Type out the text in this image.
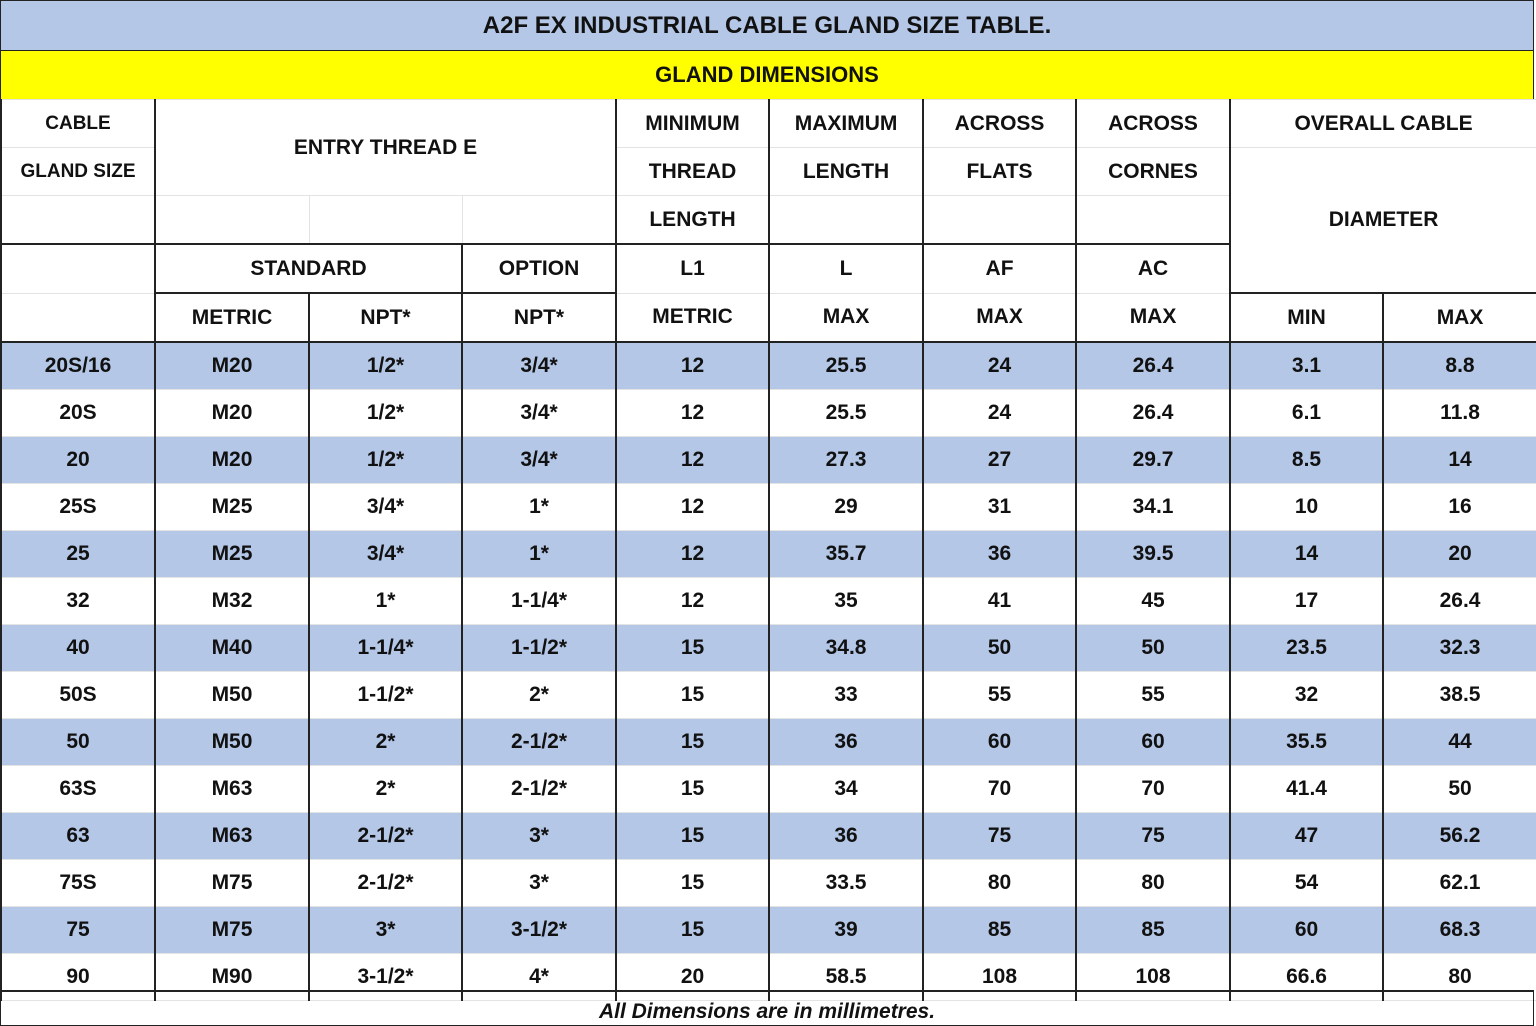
A2F EX INDUSTRIAL CABLE GLAND SIZE TABLE.
GLAND DIMENSIONS
CABLE	ENTRY THREAD E			MINIMUM	MAXIMUM	ACROSS	ACROSS	OVERALL CABLE	
GLAND SIZE				THREAD	LENGTH	FLATS	CORNES	DIAMETER	
				LENGTH					
	STANDARD		OPTION	L1	L	AF	AC		
	METRIC	NPT*	NPT*	METRIC	MAX	MAX	MAX	MIN	MAX
20S/16	M20	1/2*	3/4*	12	25.5	24	26.4	3.1	8.8
20S	M20	1/2*	3/4*	12	25.5	24	26.4	6.1	11.8
20	M20	1/2*	3/4*	12	27.3	27	29.7	8.5	14
25S	M25	3/4*	1*	12	29	31	34.1	10	16
25	M25	3/4*	1*	12	35.7	36	39.5	14	20
32	M32	1*	1-1/4*	12	35	41	45	17	26.4
40	M40	1-1/4*	1-1/2*	15	34.8	50	50	23.5	32.3
50S	M50	1-1/2*	2*	15	33	55	55	32	38.5
50	M50	2*	2-1/2*	15	36	60	60	35.5	44
63S	M63	2*	2-1/2*	15	34	70	70	41.4	50
63	M63	2-1/2*	3*	15	36	75	75	47	56.2
75S	M75	2-1/2*	3*	15	33.5	80	80	54	62.1
75	M75	3*	3-1/2*	15	39	85	85	60	68.3
90	M90	3-1/2*	4*	20	58.5	108	108	66.6	80
All Dimensions are in millimetres.
